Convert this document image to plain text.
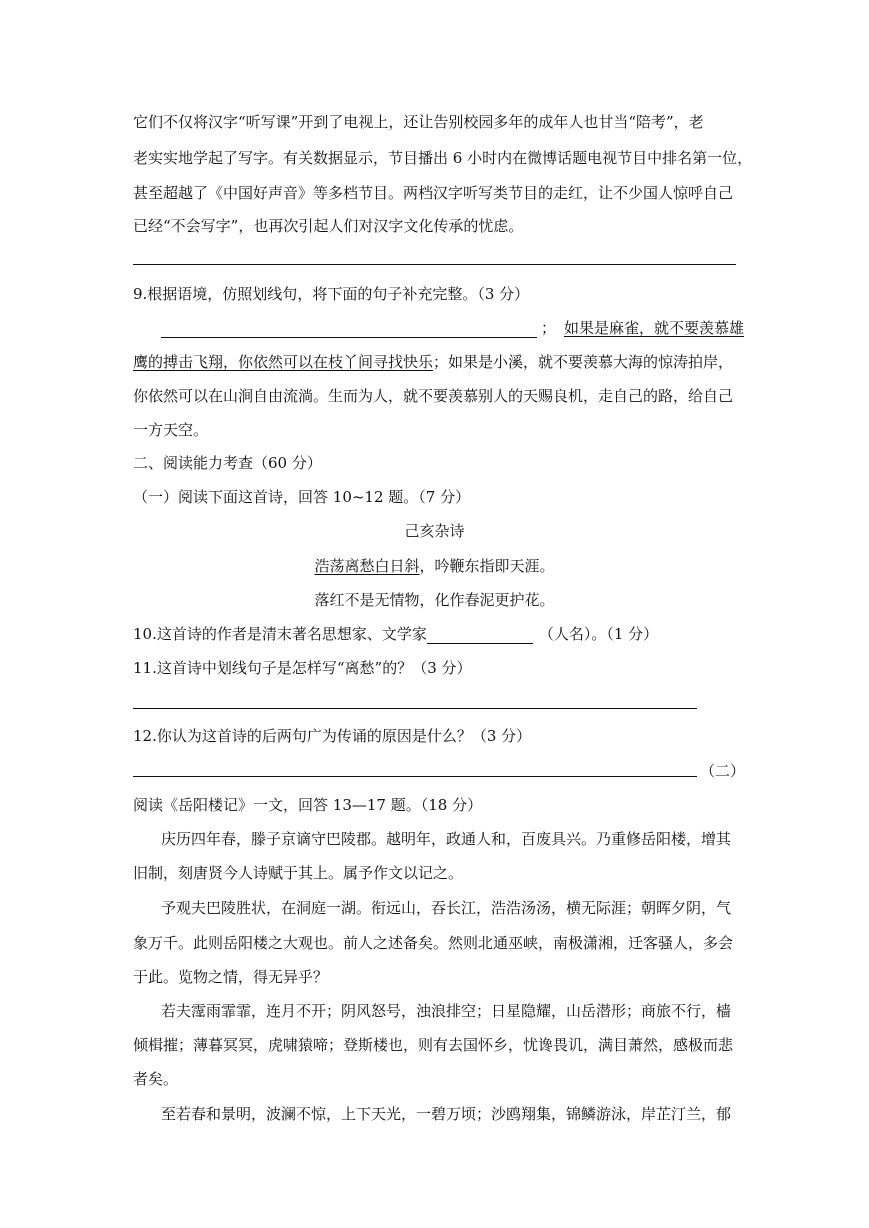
它们不仅将汉字“听写课”开到了电视上，还让告别校园多年的成年人也甘当“陪考”，老
老实实地学起了写字。有关数据显示，节目播出 6 小时内在微博话题电视节目中排名第一位，
甚至超越了《中国好声音》等多档节目。两档汉字听写类节目的走红，让不少国人惊呼自己
已经“不会写字”，也再次引起人们对汉字文化传承的忧虑。
9.根据语境，仿照划线句，将下面的句子补充完整。（3 分）
； 如果是麻雀，就不要羡慕雄
鹰的搏击飞翔，你依然可以在枝丫间寻找快乐；如果是小溪，就不要羡慕大海的惊涛拍岸，
你依然可以在山涧自由流淌。生而为人，就不要羡慕别人的天赐良机，走自己的路，给自己
一方天空。
二、阅读能力考查（60 分）
（一）阅读下面这首诗，回答 10~12 题。（7 分）
己亥杂诗
浩荡离愁白日斜，吟鞭东指即天涯。
落红不是无情物，化作春泥更护花。
10.这首诗的作者是清末著名思想家、文学家	（人名）。（1 分）
11.这首诗中划线句子是怎样写“离愁”的？（3 分）
12.你认为这首诗的后两句广为传诵的原因是什么？（3 分）
（二）
阅读《岳阳楼记》一文，回答 13—17 题。（18 分）
庆历四年春，滕子京谪守巴陵郡。越明年，政通人和，百废具兴。乃重修岳阳楼，增其
旧制，刻唐贤今人诗赋于其上。属予作文以记之。
予观夫巴陵胜状，在洞庭一湖。衔远山，吞长江，浩浩汤汤，横无际涯；朝晖夕阴，气
象万千。此则岳阳楼之大观也。前人之述备矣。然则北通巫峡，南极潇湘，迁客骚人，多会
于此。览物之情，得无异乎？
若夫霪雨霏霏，连月不开；阴风怒号，浊浪排空；日星隐耀，山岳潜形；商旅不行，樯
倾楫摧；薄暮冥冥，虎啸猿啼；登斯楼也，则有去国怀乡，忧谗畏讥，满目萧然，感极而悲
者矣。
至若春和景明，波澜不惊，上下天光，一碧万顷；沙鸥翔集，锦鳞游泳，岸芷汀兰，郁
